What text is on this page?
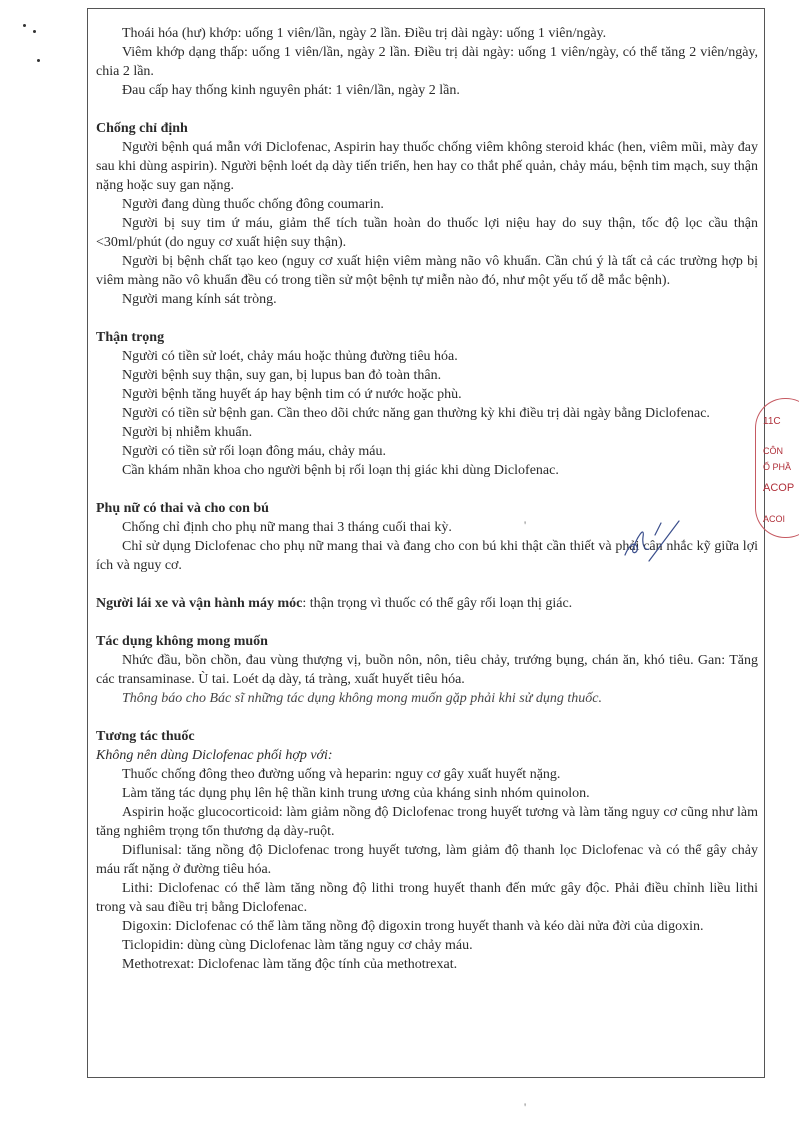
Thoái hóa (hư) khớp: uống 1 viên/lần, ngày 2 lần. Điều trị dài ngày: uống 1 viên/ngày.

Viêm khớp dạng thấp: uống 1 viên/lần, ngày 2 lần. Điều trị dài ngày: uống 1 viên/ngày, có thể tăng 2 viên/ngày, chia 2 lần.

Đau cấp hay thống kinh nguyên phát: 1 viên/lần, ngày 2 lần.

Chống chỉ định

Người bệnh quá mẫn với Diclofenac, Aspirin hay thuốc chống viêm không steroid khác (hen, viêm mũi, mày đay sau khi dùng aspirin). Người bệnh loét dạ dày tiến triển, hen hay co thắt phế quản, chảy máu, bệnh tim mạch, suy thận nặng hoặc suy gan nặng.

Người đang dùng thuốc chống đông coumarin.

Người bị suy tim ứ máu, giảm thể tích tuần hoàn do thuốc lợi niệu hay do suy thận, tốc độ lọc cầu thận <30ml/phút (do nguy cơ xuất hiện suy thận).

Người bị bệnh chất tạo keo (nguy cơ xuất hiện viêm màng não vô khuẩn. Cần chú ý là tất cả các trường hợp bị viêm màng não vô khuẩn đều có trong tiền sử một bệnh tự miễn nào đó, như một yếu tố dễ mắc bệnh).

Người mang kính sát tròng.

Thận trọng

Người có tiền sử loét, chảy máu hoặc thủng đường tiêu hóa.

Người bệnh suy thận, suy gan, bị lupus ban đỏ toàn thân.

Người bệnh tăng huyết áp hay bệnh tim có ứ nước hoặc phù.

Người có tiền sử bệnh gan. Cần theo dõi chức năng gan thường kỳ khi điều trị dài ngày bằng Diclofenac.

Người bị nhiễm khuẩn.

Người có tiền sử rối loạn đông máu, chảy máu.

Cần khám nhãn khoa cho người bệnh bị rối loạn thị giác khi dùng Diclofenac.

Phụ nữ có thai và cho con bú

Chống chỉ định cho phụ nữ mang thai 3 tháng cuối thai kỳ.

Chỉ sử dụng Diclofenac cho phụ nữ mang thai và đang cho con bú khi thật cần thiết và phải cân nhắc kỹ giữa lợi ích và nguy cơ.

Người lái xe và vận hành máy móc: thận trọng vì thuốc có thể gây rối loạn thị giác.

Tác dụng không mong muốn

Nhức đầu, bồn chồn, đau vùng thượng vị, buồn nôn, nôn, tiêu chảy, trướng bụng, chán ăn, khó tiêu. Gan: Tăng các transaminase. Ù tai. Loét dạ dày, tá tràng, xuất huyết tiêu hóa.

Thông báo cho Bác sĩ những tác dụng không mong muốn gặp phải khi sử dụng thuốc.

Tương tác thuốc

Không nên dùng Diclofenac phối hợp với:

Thuốc chống đông theo đường uống và heparin: nguy cơ gây xuất huyết nặng.

Làm tăng tác dụng phụ lên hệ thần kinh trung ương của kháng sinh nhóm quinolon.

Aspirin hoặc glucocorticoid: làm giảm nồng độ Diclofenac trong huyết tương và làm tăng nguy cơ cũng như làm tăng nghiêm trọng tổn thương dạ dày-ruột.

Diflunisal: tăng nồng độ Diclofenac trong huyết tương, làm giảm độ thanh lọc Diclofenac và có thể gây chảy máu rất nặng ở đường tiêu hóa.

Lithi: Diclofenac có thể làm tăng nồng độ lithi trong huyết thanh đến mức gây độc. Phải điều chỉnh liều lithi trong và sau điều trị bằng Diclofenac.

Digoxin: Diclofenac có thể làm tăng nồng độ digoxin trong huyết thanh và kéo dài nửa đời của digoxin.

Ticlopidin: dùng cùng Diclofenac làm tăng nguy cơ chảy máu.

Methotrexat: Diclofenac làm tăng độc tính của methotrexat.

11C
CÔN
Ổ PHẦ
ACOP
ACOI
'
'
